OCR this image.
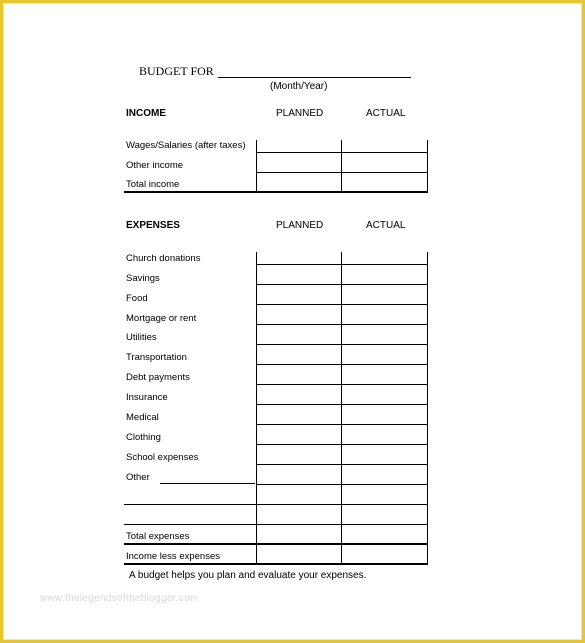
BUDGET FOR
(Month/Year)
INCOME	PLANNED	ACTUAL
Wages/Salaries (after taxes)
Other income
Total income
EXPENSES	PLANNED	ACTUAL
Church donations
Savings
Food
Mortgage or rent
Utilities
Transportation
Debt payments
Insurance
Medical
Clothing
School expenses
Other
Total expenses
Income less expenses
A budget helps you plan and evaluate your expenses.
www.thelegendsoftheblogger.com
